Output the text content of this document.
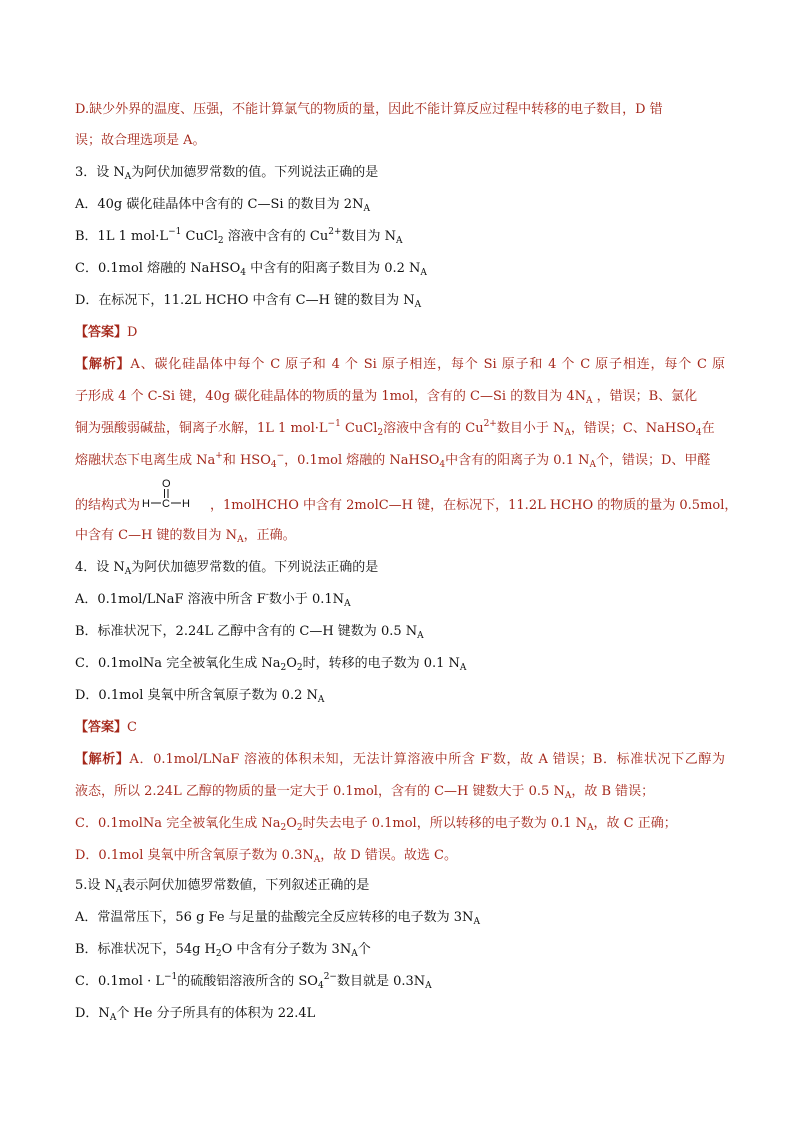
D.缺少外界的温度、压强，不能计算氯气的物质的量，因此不能计算反应过程中转移的电子数目，D 错
误；故合理选项是 A。
3．设 $N_A$为阿伏加德罗常数的值。下列说法正确的是
A．40g 碳化硅晶体中含有的 C—Si 的数目为 $2N_A$
B．1L 1 $mol\cdot L^{-1}$ CuCl$_2$ 溶液中含有的 $Cu^{2+}$数目为 $N_A$
C．0.1mol 熔融的 NaHSO$_4$ 中含有的阳离子数目为 0.2 $N_A$
D．在标况下，11.2L HCHO 中含有 C—H 键的数目为 $N_A$
【答案】D
【解析】A、碳化硅晶体中每个 C 原子和 4 个 Si 原子相连，每个 Si 原子和 4 个 C 原子相连，每个 C 原
子形成 4 个 C-Si 键，40g 碳化硅晶体的物质的量为 1mol，含有的 C—Si 的数目为 $4N_A$ ，错误；B、氯化
铜为强酸弱碱盐，铜离子水解，1L 1 $mol\cdot L^{-1}$ CuCl$_2$溶液中含有的 $Cu^{2+}$数目小于 $N_A$，错误；C、NaHSO$_4$在
熔融状态下电离生成 Na+和 $HSO_4^-$，0.1mol 熔融的 NaHSO$_4$中含有的阳离子为 0.1 $N_A$个，错误；D、甲醛
的结构式为	，1molHCHO 中含有 2molC—H 键，在标况下，11.2L HCHO 的物质的量为 0.5mol，
O
H C H
中含有 C—H 键的数目为 $N_A$，正确。
4．设 $N_A$为阿伏加德罗常数的值。下列说法正确的是
A．0.1mol/LNaF 溶液中所含 F-数小于 $0.1N_A$
B．标准状况下，2.24L 乙醇中含有的 C—H 键数为 0.5 $N_A$
C．0.1molNa 完全被氧化生成 $Na_2O_2$时，转移的电子数为 0.1 $N_A$
D．0.1mol 臭氧中所含氧原子数为 0.2 $N_A$
【答案】C
【解析】A．0.1mol/LNaF 溶液的体积未知，无法计算溶液中所含 F-数，故 A 错误；B．标准状况下乙醇为
液态，所以 2.24L 乙醇的物质的量一定大于 0.1mol，含有的 C—H 键数大于 0.5 $N_A$，故 B 错误；
C．0.1molNa 完全被氧化生成 $Na_2O_2$时失去电子 0.1mol，所以转移的电子数为 0.1 $N_A$，故 C 正确；
D．0.1mol 臭氧中所含氧原子数为 $0.3N_A$，故 D 错误。故选 C。
5.设 $N_A$表示阿伏加德罗常数値，下列叙述正确的是
A．常温常压下，56 g Fe 与足量的盐酸完全反应转移的电子数为 $3N_A$
B．标准状况下，54g $H_2O$ 中含有分子数为 $3N_A$个
C．$0.1mol \cdot L^{-1}$的硫酸铝溶液所含的 $SO_4^{2-}$数目就是 $0.3N_A$
D．$N_A$个 He 分子所具有的体积为 22.4L
